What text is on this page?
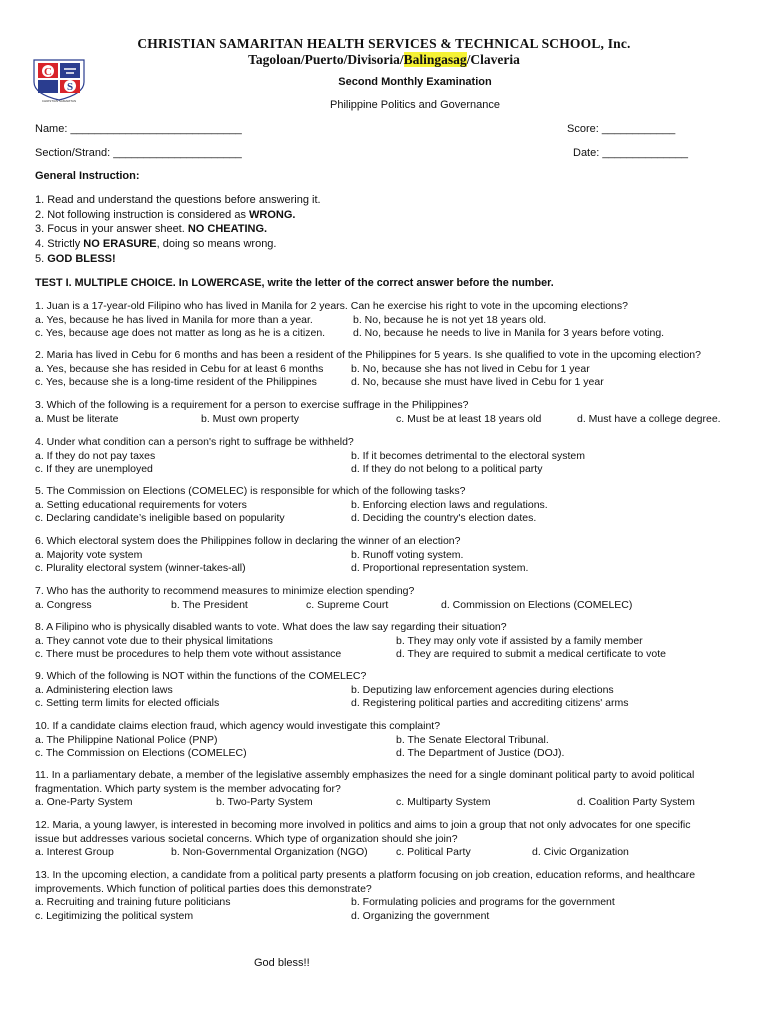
CHRISTIAN SAMARITAN HEALTH SERVICES & TECHNICAL SCHOOL, Inc.
Tagoloan/Puerto/Divisoria/Balingasag/Claveria
C
S
CHRISTIAN SAMARITAN
Second Monthly Examination
Philippine Politics and Governance
Name: ____________________________	Score: ____________
Section/Strand: _____________________	Date: ______________
General Instruction:
1. Read and understand the questions before answering it.
2. Not following instruction is considered as WRONG.
3. Focus in your answer sheet. NO CHEATING.
4. Strictly NO ERASURE, doing so means wrong.
5. GOD BLESS!
TEST I. MULTIPLE CHOICE. In LOWERCASE, write the letter of the correct answer before the number.
1. Juan is a 17-year-old Filipino who has lived in Manila for 2 years. Can he exercise his right to vote in the upcoming elections?
a. Yes, because he has lived in Manila for more than a year.	b. No, because he is not yet 18 years old.
c. Yes, because age does not matter as long as he is a citizen.	d. No, because he needs to live in Manila for 3 years before voting.
2. Maria has lived in Cebu for 6 months and has been a resident of the Philippines for 5 years. Is she qualified to vote in the upcoming election?
a. Yes, because she has resided in Cebu for at least 6 months	b. No, because she has not lived in Cebu for 1 year
c. Yes, because she is a long-time resident of the Philippines	d. No, because she must have lived in Cebu for 1 year
3. Which of the following is a requirement for a person to exercise suffrage in the Philippines?
a. Must be literate	b. Must own property	c. Must be at least 18 years old	d. Must have a college degree.
4. Under what condition can a person's right to suffrage be withheld?
a. If they do not pay taxes	b. If it becomes detrimental to the electoral system
c. If they are unemployed	d. If they do not belong to a political party
5. The Commission on Elections (COMELEC) is responsible for which of the following tasks?
a. Setting educational requirements for voters	b. Enforcing election laws and regulations.
c. Declaring candidate’s ineligible based on popularity	d. Deciding the country's election dates.
6. Which electoral system does the Philippines follow in declaring the winner of an election?
a. Majority vote system	b. Runoff voting system.
c. Plurality electoral system (winner-takes-all)	d. Proportional representation system.
7. Who has the authority to recommend measures to minimize election spending?
a. Congress	b. The President	c. Supreme Court	d. Commission on Elections (COMELEC)
8. A Filipino who is physically disabled wants to vote. What does the law say regarding their situation?
a. They cannot vote due to their physical limitations	b. They may only vote if assisted by a family member
c. There must be procedures to help them vote without assistance	d. They are required to submit a medical certificate to vote
9. Which of the following is NOT within the functions of the COMELEC?
a. Administering election laws	b. Deputizing law enforcement agencies during elections
c. Setting term limits for elected officials	d. Registering political parties and accrediting citizens' arms
10. If a candidate claims election fraud, which agency would investigate this complaint?
a. The Philippine National Police (PNP)	b. The Senate Electoral Tribunal.
c. The Commission on Elections (COMELEC)	d. The Department of Justice (DOJ).
11. In a parliamentary debate, a member of the legislative assembly emphasizes the need for a single dominant political party to avoid political
fragmentation. Which party system is the member advocating for?
a. One-Party System	b. Two-Party System	c. Multiparty System	d. Coalition Party System
12. Maria, a young lawyer, is interested in becoming more involved in politics and aims to join a group that not only advocates for one specific
issue but addresses various societal concerns. Which type of organization should she join?
a. Interest Group	b. Non-Governmental Organization (NGO)	c. Political Party	d. Civic Organization
13. In the upcoming election, a candidate from a political party presents a platform focusing on job creation, education reforms, and healthcare
improvements. Which function of political parties does this demonstrate?
a. Recruiting and training future politicians	b. Formulating policies and programs for the government
c. Legitimizing the political system	d. Organizing the government
God bless!!
